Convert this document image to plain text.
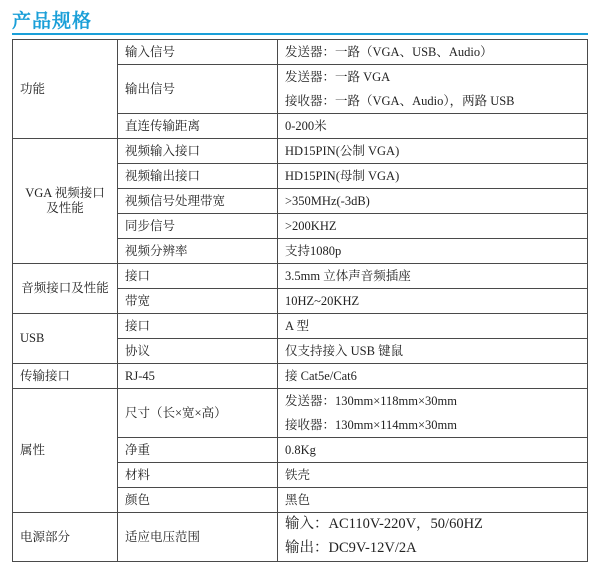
产品规格
功能	输入信号	发送器：一路（VGA、USB、Audio）
	输出信号	发送器：一路 VGA
		接收器：一路（VGA、Audio），两路 USB
	直连传输距离	0-200米
VGA 视频接口及性能	视频输入接口	HD15PIN(公制 VGA)
	视频输出接口	HD15PIN(母制 VGA)
	视频信号处理带宽	>350MHz(-3dB)
	同步信号	>200KHZ
	视频分辨率	支持1080p
音频接口及性能	接口	3.5mm 立体声音频插座
	带宽	10HZ~20KHZ
USB	接口	A 型
	协议	仅支持接入 USB 键鼠
传输接口	RJ-45	接 Cat5e/Cat6
属性	尺寸（长×宽×高）	发送器：130mm×118mm×30mm
		接收器：130mm×114mm×30mm
	净重	0.8Kg
	材料	铁壳
	颜色	黑色
电源部分	适应电压范围	输入：AC110V-220V，50/60HZ
		输出：DC9V-12V/2A
